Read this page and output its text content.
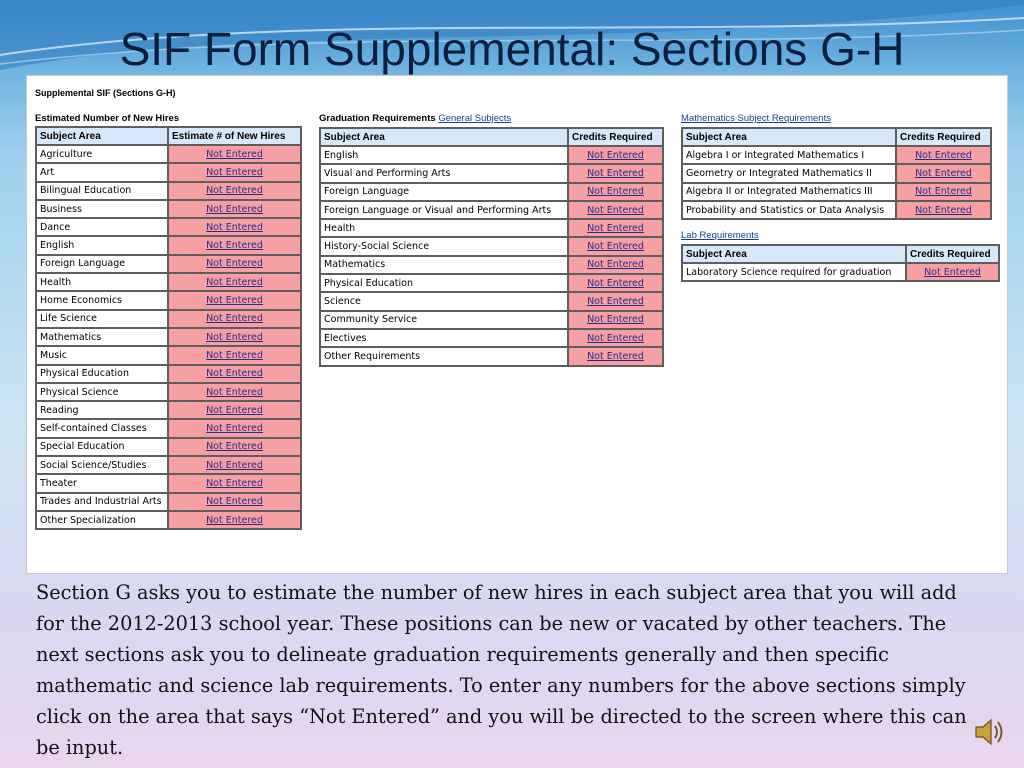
SIF Form Supplemental: Sections G-H
Supplemental SIF (Sections G-H)
Estimated Number of New Hires
Subject Area	Estimate # of New Hires
Agriculture	Not Entered
Art	Not Entered
Bilingual Education	Not Entered
Business	Not Entered
Dance	Not Entered
English	Not Entered
Foreign Language	Not Entered
Health	Not Entered
Home Economics	Not Entered
Life Science	Not Entered
Mathematics	Not Entered
Music	Not Entered
Physical Education	Not Entered
Physical Science	Not Entered
Reading	Not Entered
Self-contained Classes	Not Entered
Special Education	Not Entered
Social Science/Studies	Not Entered
Theater	Not Entered
Trades and Industrial Arts	Not Entered
Other Specialization	Not Entered
Graduation Requirements General Subjects
Subject Area	Credits Required
English	Not Entered
Visual and Performing Arts	Not Entered
Foreign Language	Not Entered
Foreign Language or Visual and Performing Arts	Not Entered
Health	Not Entered
History-Social Science	Not Entered
Mathematics	Not Entered
Physical Education	Not Entered
Science	Not Entered
Community Service	Not Entered
Electives	Not Entered
Other Requirements	Not Entered
Mathematics Subject Requirements
Subject Area	Credits Required
Algebra I or Integrated Mathematics I	Not Entered
Geometry or Integrated Mathematics II	Not Entered
Algebra II or Integrated Mathematics III	Not Entered
Probability and Statistics or Data Analysis	Not Entered
Lab Requirements
Subject Area	Credits Required
Laboratory Science required for graduation	Not Entered
Section G asks you to estimate the number of new hires in each subject area that you will add for the 2012-2013 school year. These positions can be new or vacated by other teachers. The next sections ask you to delineate graduation requirements generally and then specific mathematic and science lab requirements. To enter any numbers for the above sections simply click on the area that says “Not Entered” and you will be directed to the screen where this can be input.
